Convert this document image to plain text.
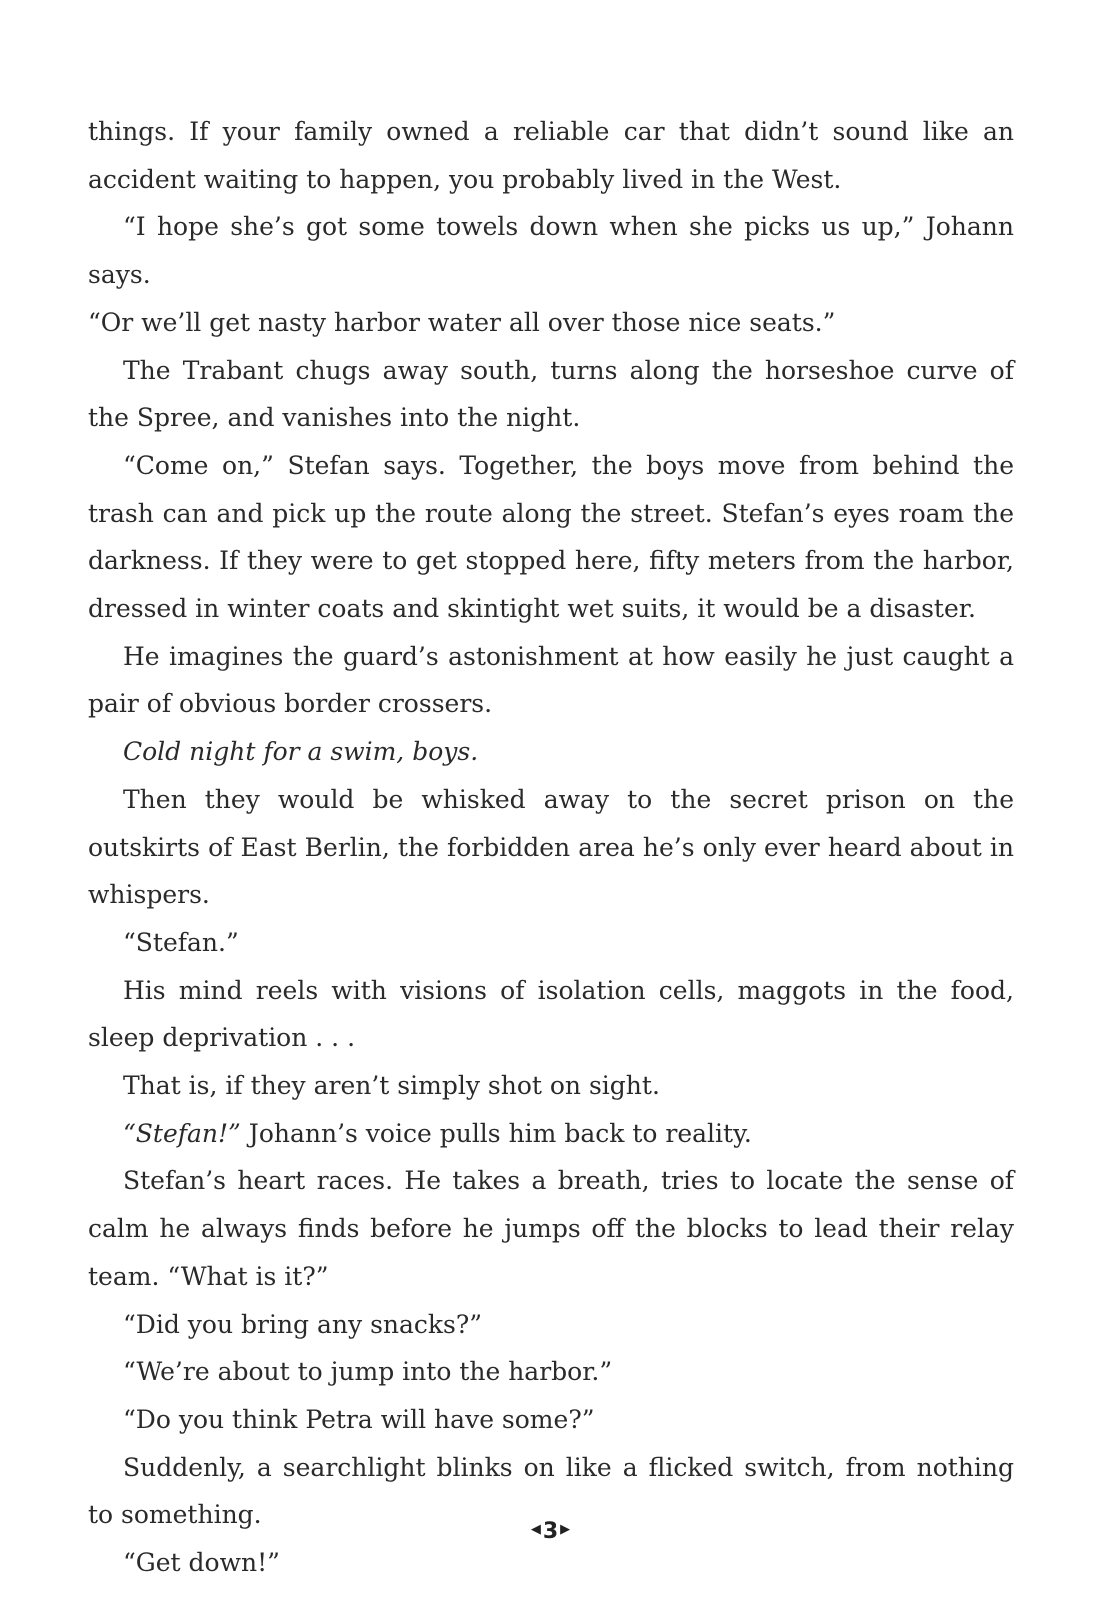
things. If your family owned a reliable car that didn’t sound like an accident waiting to happen, you probably lived in the West.

“I hope she’s got some towels down when she picks us up,” Johann says.

“Or we’ll get nasty harbor water all over those nice seats.”

The Trabant chugs away south, turns along the horseshoe curve of the Spree, and vanishes into the night.

“Come on,” Stefan says. Together, the boys move from behind the trash can and pick up the route along the street. Stefan’s eyes roam the darkness. If they were to get stopped here, fifty meters from the harbor, dressed in winter coats and skintight wet suits, it would be a disaster.

He imagines the guard’s astonishment at how easily he just caught a pair of obvious border crossers.

Cold night for a swim, boys.

Then they would be whisked away to the secret prison on the outskirts of East Berlin, the forbidden area he’s only ever heard about in whispers.

“Stefan.”

His mind reels with visions of isolation cells, maggots in the food, sleep deprivation . . .

That is, if they aren’t simply shot on sight.

“Stefan!” Johann’s voice pulls him back to reality.

Stefan’s heart races. He takes a breath, tries to locate the sense of calm he always finds before he jumps off the blocks to lead their relay team. “What is it?”

“Did you bring any snacks?”

“We’re about to jump into the harbor.”

“Do you think Petra will have some?”

Suddenly, a searchlight blinks on like a flicked switch, from nothing to something.

“Get down!”

◀3 ▶
